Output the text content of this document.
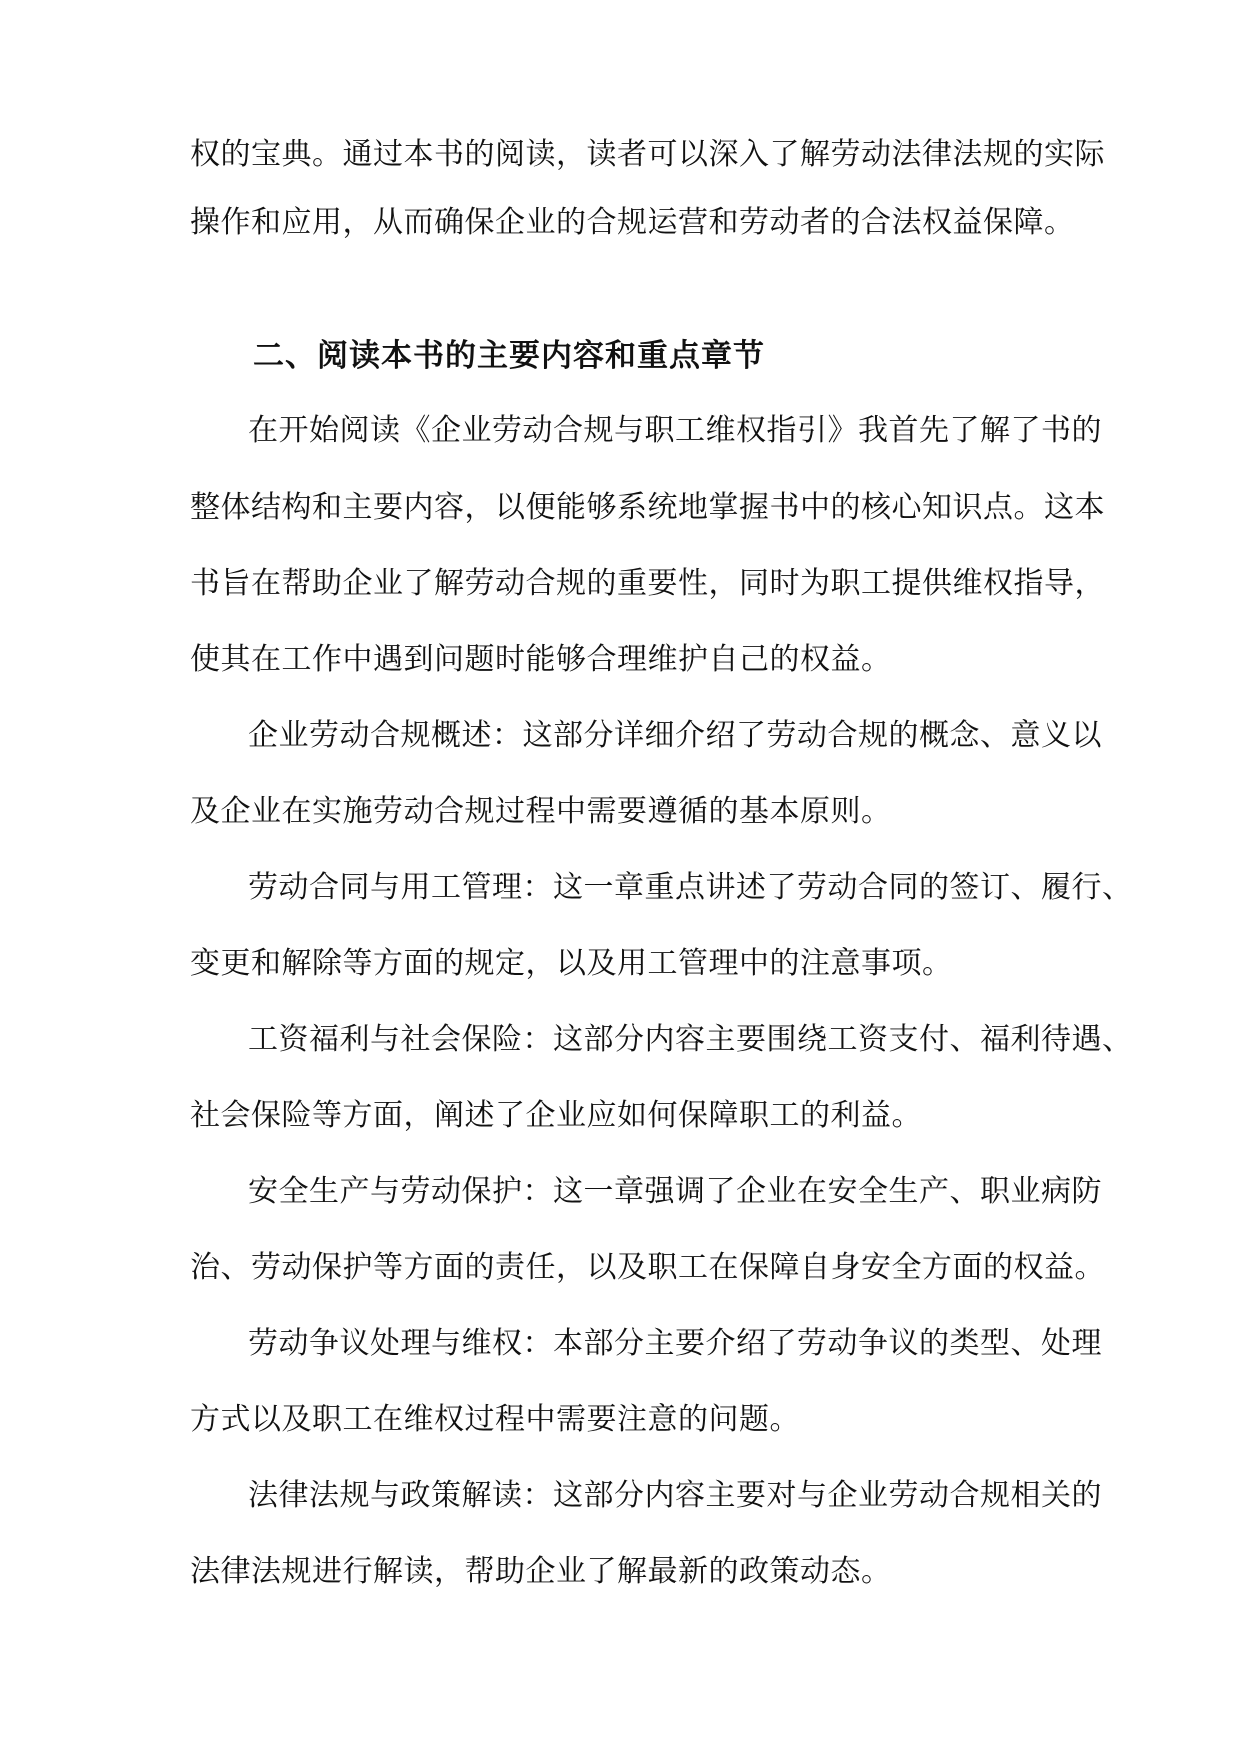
权的宝典。通过本书的阅读，读者可以深入了解劳动法律法规的实际
操作和应用，从而确保企业的合规运营和劳动者的合法权益保障。
二、阅读本书的主要内容和重点章节
在开始阅读《企业劳动合规与职工维权指引》我首先了解了书的
整体结构和主要内容，以便能够系统地掌握书中的核心知识点。这本
书旨在帮助企业了解劳动合规的重要性，同时为职工提供维权指导，
使其在工作中遇到问题时能够合理维护自己的权益。
企业劳动合规概述：这部分详细介绍了劳动合规的概念、意义以
及企业在实施劳动合规过程中需要遵循的基本原则。
劳动合同与用工管理：这一章重点讲述了劳动合同的签订、履行、
变更和解除等方面的规定，以及用工管理中的注意事项。
工资福利与社会保险：这部分内容主要围绕工资支付、福利待遇、
社会保险等方面，阐述了企业应如何保障职工的利益。
安全生产与劳动保护：这一章强调了企业在安全生产、职业病防
治、劳动保护等方面的责任，以及职工在保障自身安全方面的权益。
劳动争议处理与维权：本部分主要介绍了劳动争议的类型、处理
方式以及职工在维权过程中需要注意的问题。
法律法规与政策解读：这部分内容主要对与企业劳动合规相关的
法律法规进行解读，帮助企业了解最新的政策动态。
